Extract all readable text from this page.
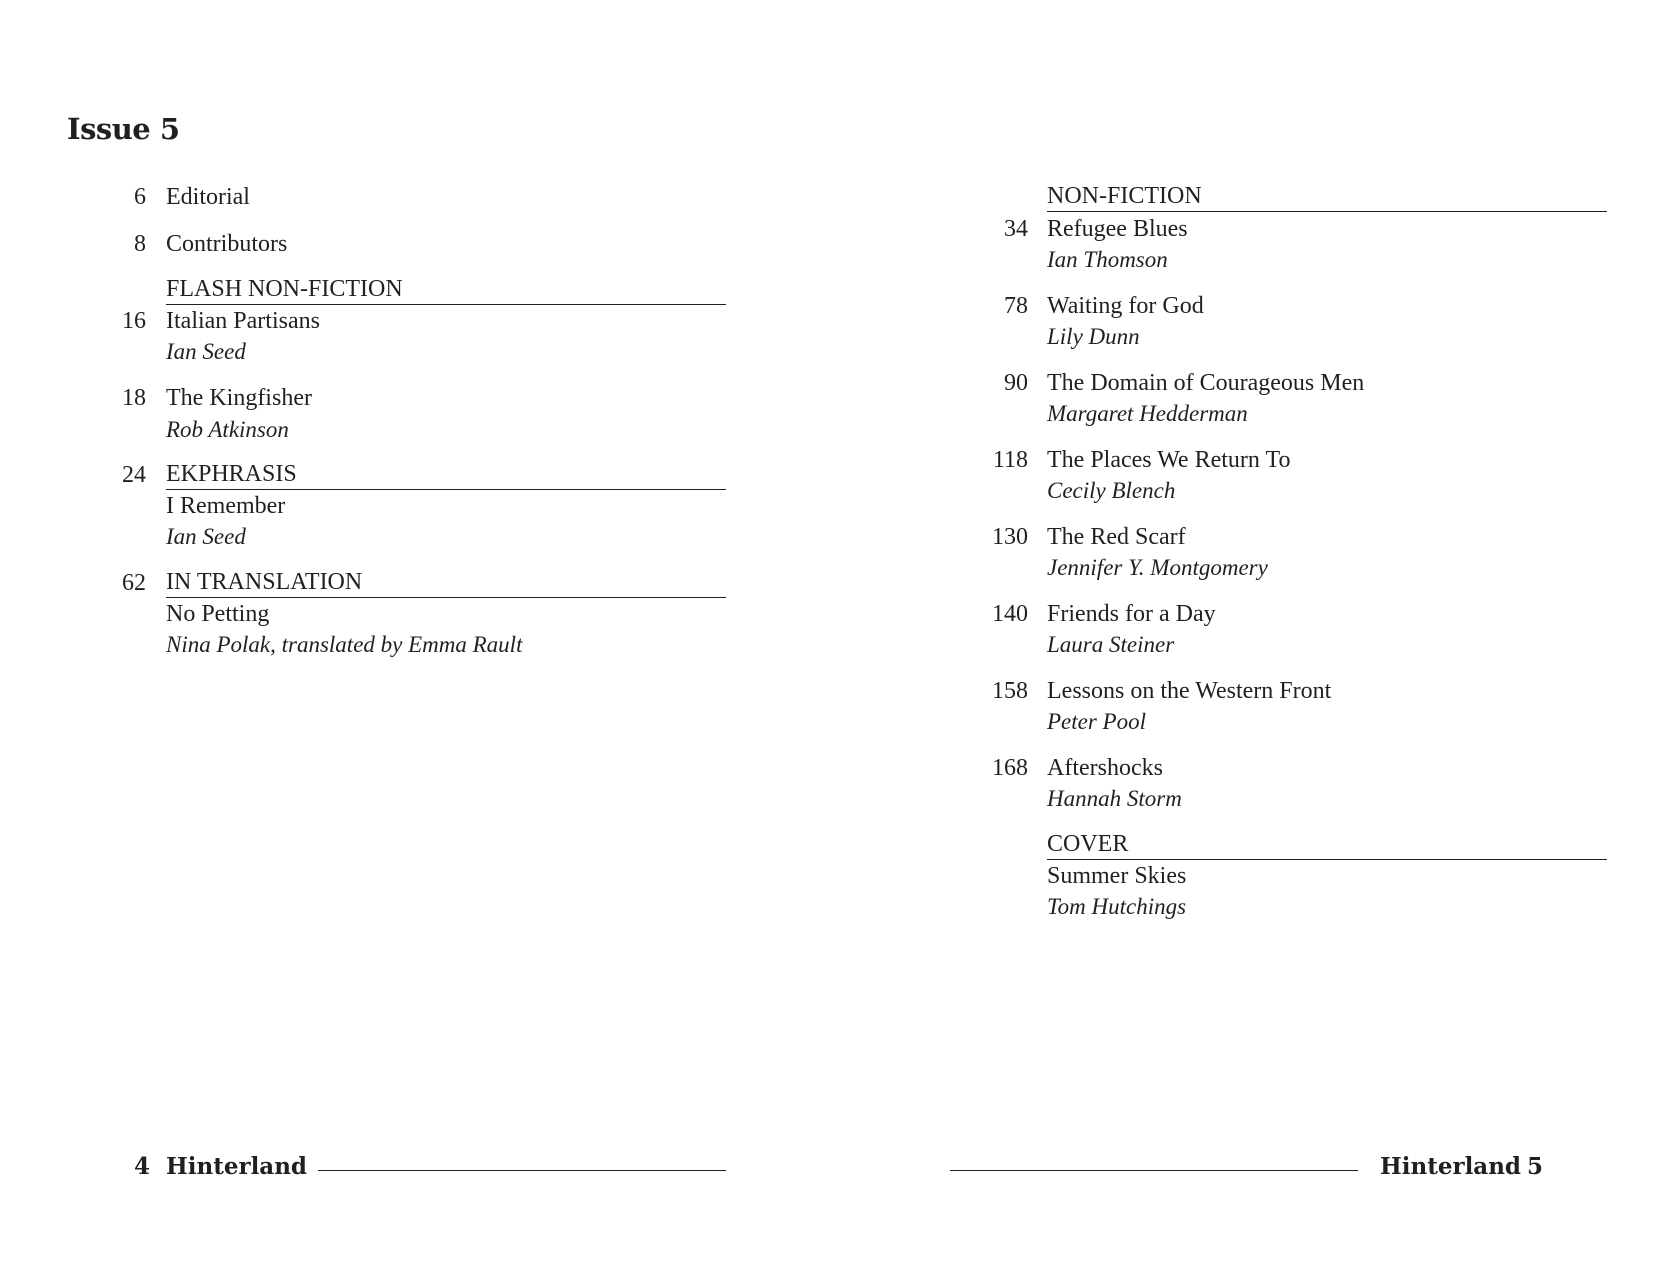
Issue 5
6 Editorial
8 Contributors
FLASH NON-FICTION
16 Italian Partisans
Ian Seed
18 The Kingfisher
Rob Atkinson
24 EKPHRASIS
I Remember
Ian Seed
62 IN TRANSLATION
No Petting
Nina Polak, translated by Emma Rault
4 Hinterland
NON-FICTION
34 Refugee Blues
Ian Thomson
78 Waiting for God
Lily Dunn
90 The Domain of Courageous Men
Margaret Hedderman
118 The Places We Return To
Cecily Blench
130 The Red Scarf
Jennifer Y. Montgomery
140 Friends for a Day
Laura Steiner
158 Lessons on the Western Front
Peter Pool
168 Aftershocks
Hannah Storm
COVER
Summer Skies
Tom Hutchings
Hinterland 5
